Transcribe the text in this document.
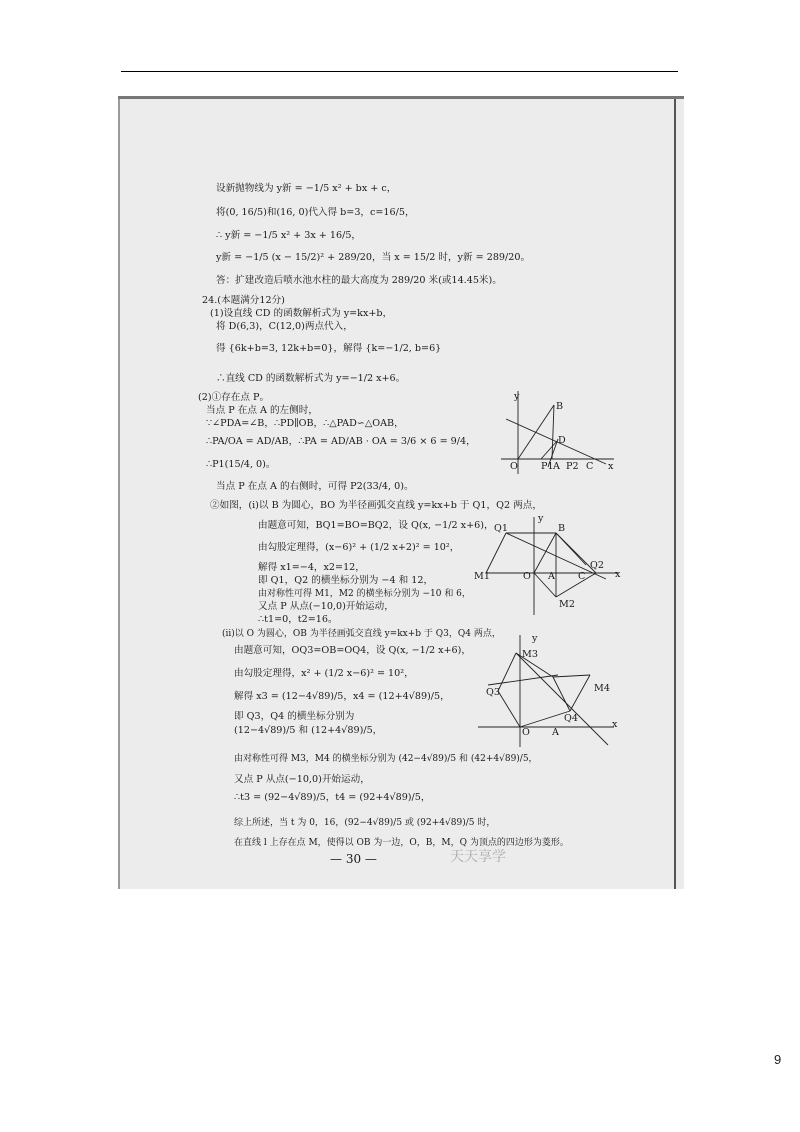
设新抛物线为 y新 = −1/5 x² + bx + c，
将(0, 16/5)和(16, 0)代入得 b=3，c=16/5，
∴ y新 = −1/5 x² + 3x + 16/5，
y新 = −1/5 (x − 15/2)² + 289/20，当 x = 15/2 时，y新 = 289/20。
答：扩建改造后喷水池水柱的最大高度为 289/20 米(或14.45米)。
24.(本题满分12分)
(1)设直线 CD 的函数解析式为 y=kx+b，
将 D(6,3)，C(12,0)两点代入，
得 {6k+b=3, 12k+b=0}，解得 {k=−1/2, b=6}
∴直线 CD 的函数解析式为 y=−1/2 x+6。
(2)①存在点 P。
当点 P 在点 A 的左侧时，
∵∠PDA=∠B，∴PD∥OB，∴△PAD∽△OAB，
∴PA/OA = AD/AB，∴PA = AD/AB · OA = 3/6 × 6 = 9/4，
∴P1(15/4, 0)。
当点 P 在点 A 的右侧时，可得 P2(33/4, 0)。
②如图，(i)以 B 为圆心，BO 为半径画弧交直线 y=kx+b 于 Q1，Q2 两点，
由题意可知，BQ1=BO=BQ2，设 Q(x, −1/2 x+6)，
由勾股定理得，(x−6)² + (1/2 x+2)² = 10²，
解得 x1=−4，x2=12，
即 Q1，Q2 的横坐标分别为 −4 和 12，
由对称性可得 M1，M2 的横坐标分别为 −10 和 6，
又点 P 从点(−10,0)开始运动，
∴t1=0，t2=16。
(ii)以 O 为圆心，OB 为半径画弧交直线 y=kx+b 于 Q3，Q4 两点，
由题意可知，OQ3=OB=OQ4，设 Q(x, −1/2 x+6)，
由勾股定理得，x² + (1/2 x−6)² = 10²，
解得 x3 = (12−4√89)/5，x4 = (12+4√89)/5，
即 Q3，Q4 的横坐标分别为
(12−4√89)/5 和 (12+4√89)/5，
由对称性可得 M3，M4 的横坐标分别为 (42−4√89)/5 和 (42+4√89)/5，
又点 P 从点(−10,0)开始运动，
∴t3 = (92−4√89)/5，t4 = (92+4√89)/5，
综上所述，当 t 为 0，16，(92−4√89)/5 或 (92+4√89)/5 时，
在直线 l 上存在点 M，使得以 OB 为一边，O，B，M，Q 为顶点的四边形为菱形。
y
B
D
O P1 A P2 C x
y
Q1	B
Q2
M1	O A C	x
M2
y
M3
Q3	M4
Q4
O A
x
— 30 —	天天享学
9
